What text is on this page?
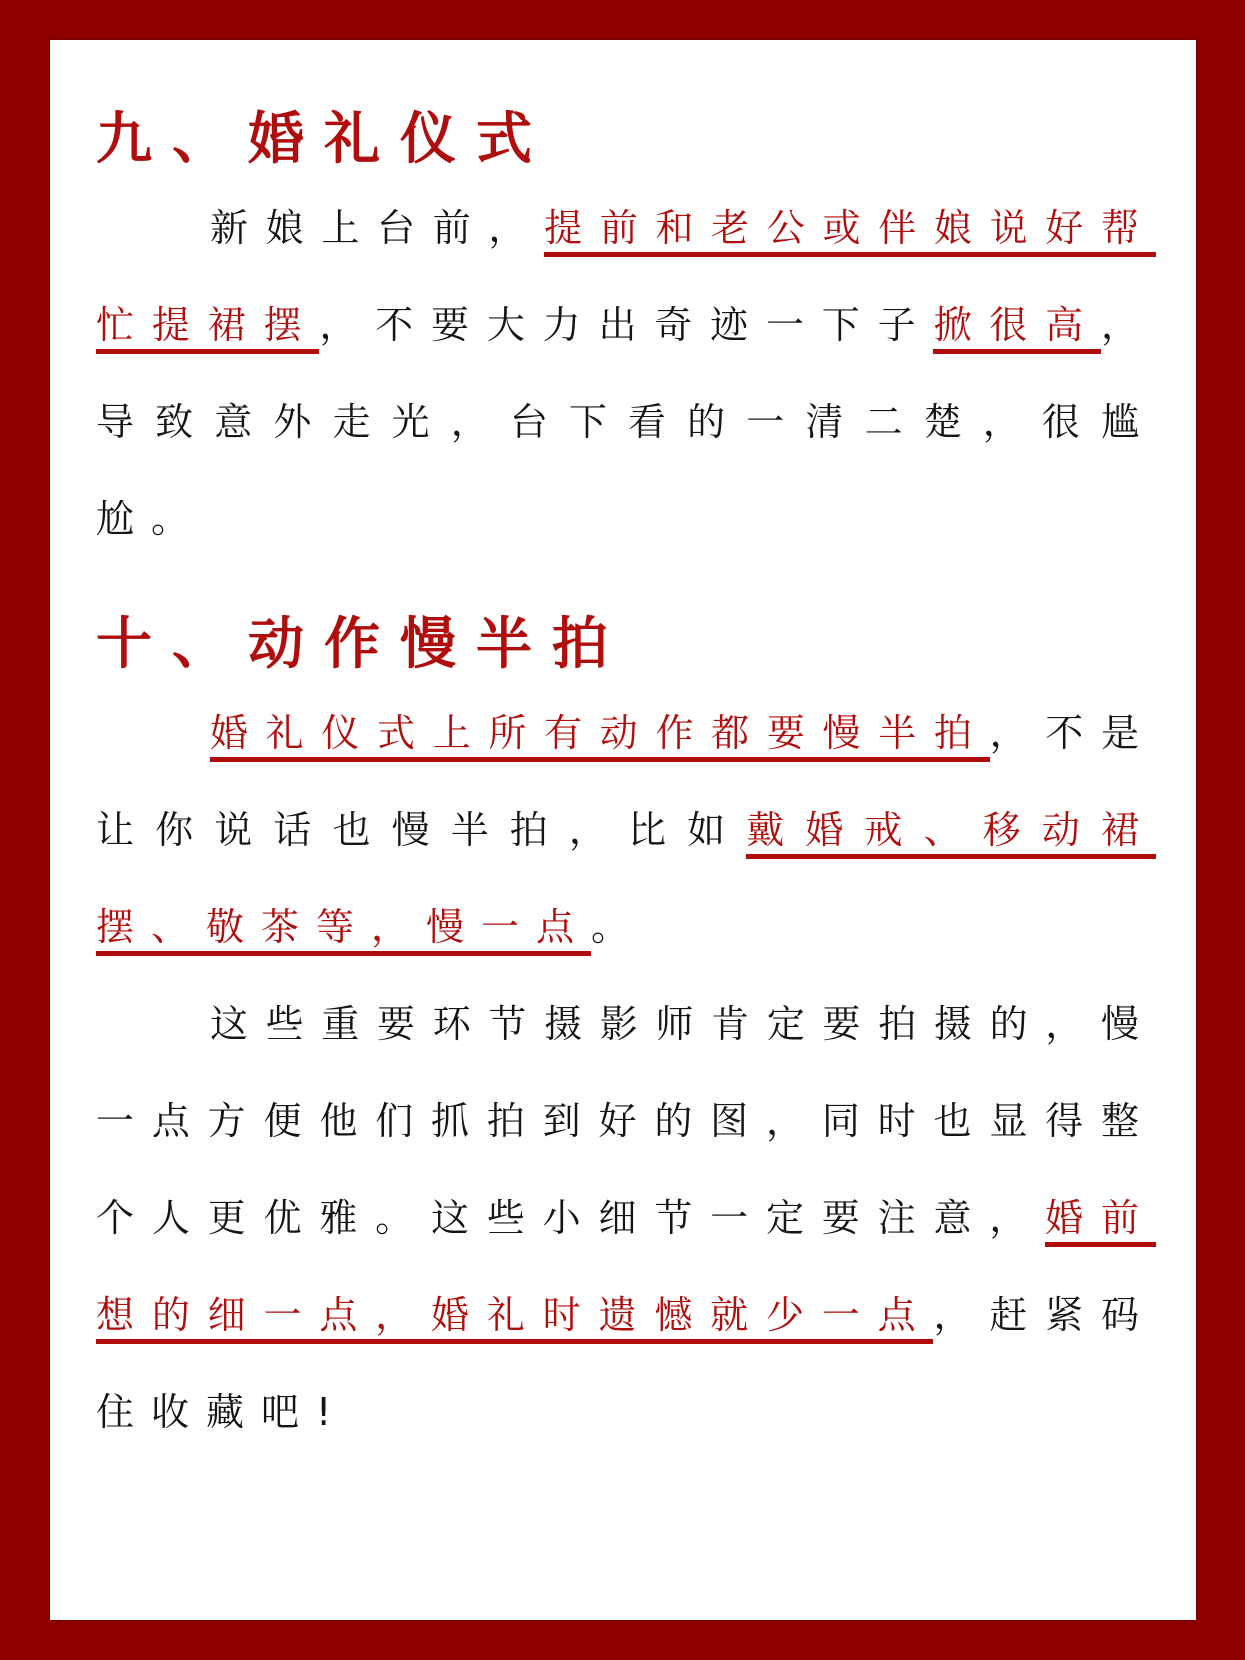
九、婚礼仪式

新娘上台前，提前和老公或伴娘说好帮忙提裙摆，不要大力出奇迹一下子掀很高，导致意外走光，台下看的一清二楚，很尴尬。

十、动作慢半拍

婚礼仪式上所有动作都要慢半拍，不是让你说话也慢半拍，比如戴婚戒、移动裙摆、敬茶等，慢一点。

这些重要环节摄影师肯定要拍摄的，慢一点方便他们抓拍到好的图，同时也显得整个人更优雅。这些小细节一定要注意，婚前想的细一点，婚礼时遗憾就少一点，赶紧码住收藏吧!
